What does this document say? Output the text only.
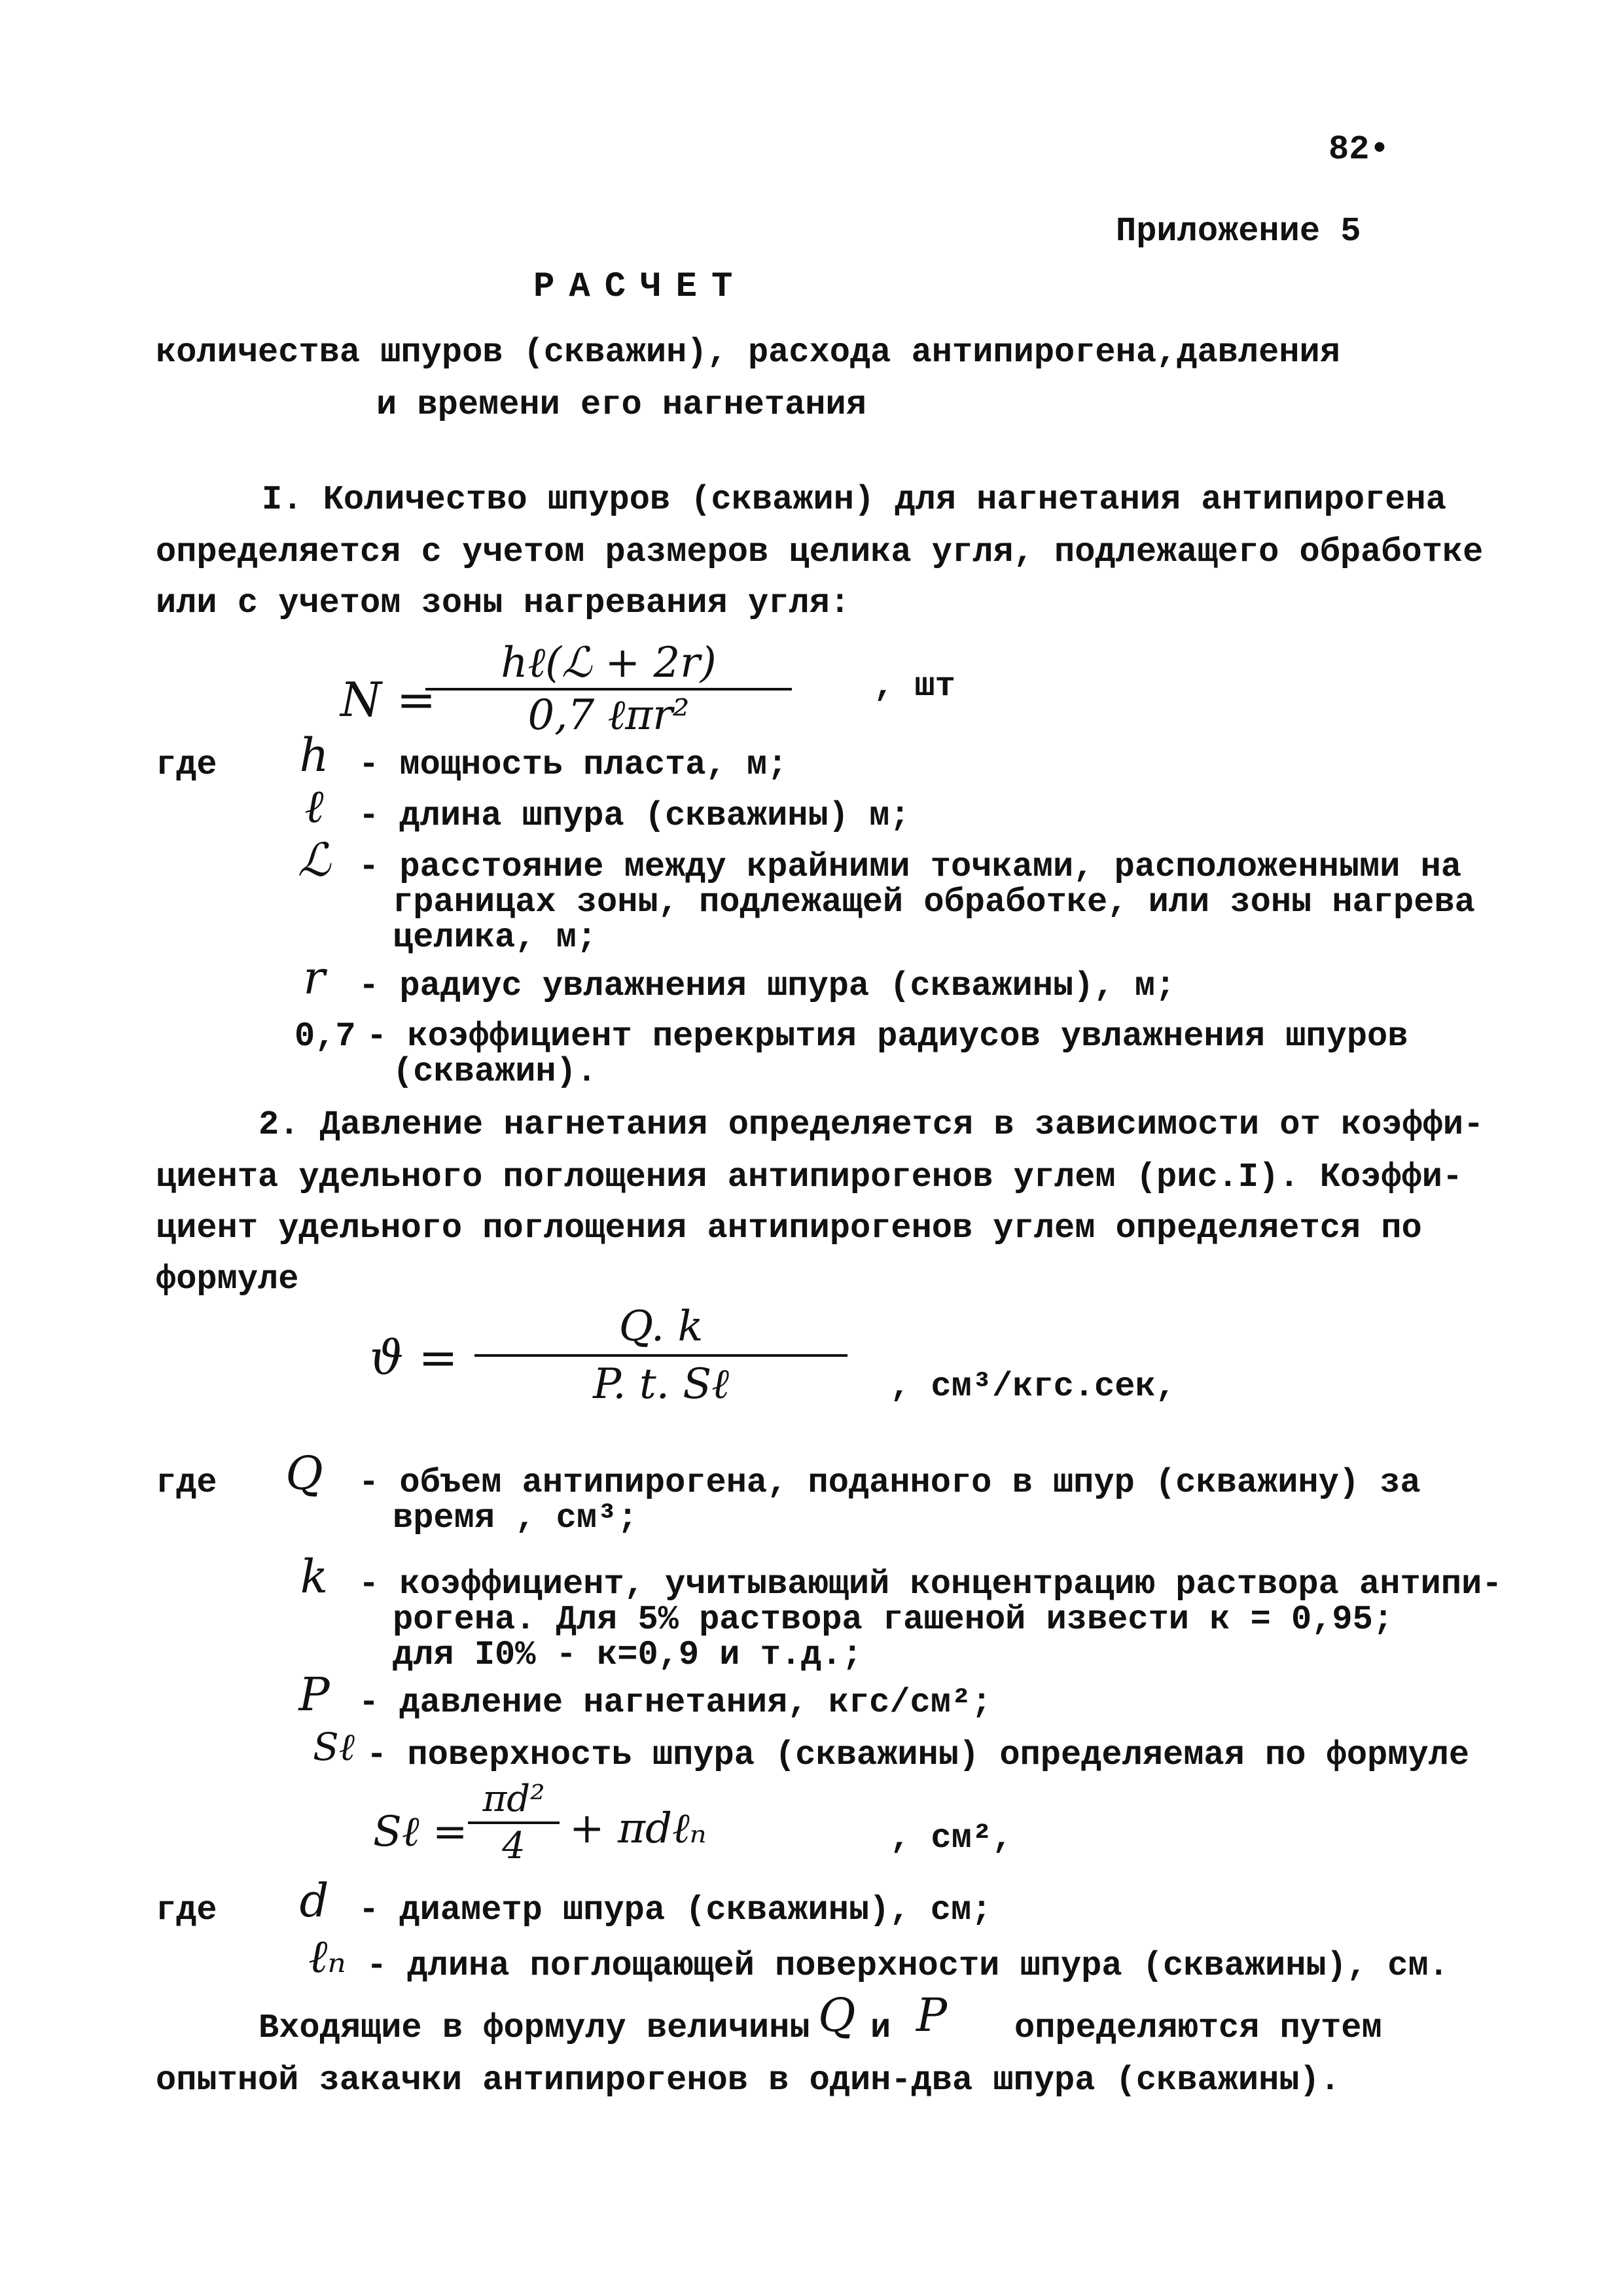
82•
Приложение 5
РАСЧЕТ
количества шпуров (скважин), расхода антипирогена,давления
и времени его нагнетания
I. Количество шпуров (скважин) для нагнетания антипирогена
определяется с учетом размеров целика угля, подлежащего обработке
или с учетом зоны нагревания угля:
N =
hℓ(ℒ + 2r)
0,7 ℓπr²
, шт
где	h - мощность пласта, м;
ℓ	- длина шпура (скважины) м;
ℒ - расстояние между крайними точками, расположенными на
границах зоны, подлежащей обработке, или зоны нагрева
целика, м;
r - радиус увлажнения шпура (скважины), м;
0,7 - коэффициент перекрытия радиусов увлажнения шпуров
(скважин).
2. Давление нагнетания определяется в зависимости от коэффи-
циента удельного поглощения антипирогенов углем (рис.I). Коэффи-
циент удельного поглощения антипирогенов углем определяется по
формуле
ϑ =
Q. k
P. t. Sℓ	, см³/кгс.сек,
где	Q	- объем антипирогена, поданного в шпур (скважину) за
время , см³;
k - коэффициент, учитывающий концентрацию раствора антипи-
рогена. Для 5% раствора гашеной извести к = 0,95;
для I0% - к=0,9 и т.д.;
P - давление нагнетания, кгс/см²;
Sℓ - поверхность шпура (скважины) определяемая по формуле
Sℓ =
πd²
4	+ πdℓₙ	, см²,
где	d - диаметр шпура (скважины), см;
ℓₙ - длина поглощающей поверхности шпура (скважины), см.
Входящие в формулу величины Q и P определяются путем
опытной закачки антипирогенов в один-два шпура (скважины).
